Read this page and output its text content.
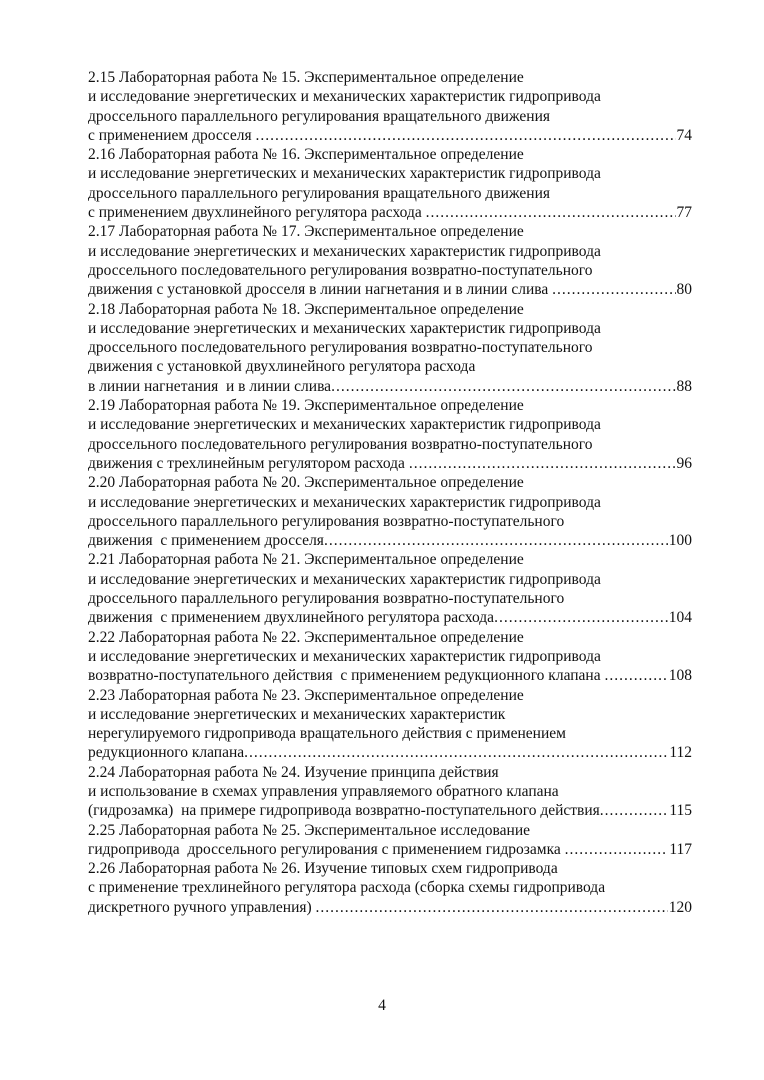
2.15 Лабораторная работа № 15. Экспериментальное определение
и исследование энергетических и механических характеристик гидропривода
дроссельного параллельного регулирования вращательного движения
с применением дросселя .....	74
2.16 Лабораторная работа № 16. Экспериментальное определение
и исследование энергетических и механических характеристик гидропривода
дроссельного параллельного регулирования вращательного движения
с применением двухлинейного регулятора расхода .....	77
2.17 Лабораторная работа № 17. Экспериментальное определение
и исследование энергетических и механических характеристик гидропривода
дроссельного последовательного регулирования возвратно-поступательного
движения с установкой дросселя в линии нагнетания и в линии слива .....	80
2.18 Лабораторная работа № 18. Экспериментальное определение
и исследование энергетических и механических характеристик гидропривода
дроссельного последовательного регулирования возвратно-поступательного
движения с установкой двухлинейного регулятора расхода
в линии нагнетания  и в линии слива .....	88
2.19 Лабораторная работа № 19. Экспериментальное определение
и исследование энергетических и механических характеристик гидропривода
дроссельного последовательного регулирования возвратно-поступательного
движения с трехлинейным регулятором расхода .....	96
2.20 Лабораторная работа № 20. Экспериментальное определение
и исследование энергетических и механических характеристик гидропривода
дроссельного параллельного регулирования возвратно-поступательного
движения  с применением дросселя .....	100
2.21 Лабораторная работа № 21. Экспериментальное определение
и исследование энергетических и механических характеристик гидропривода
дроссельного параллельного регулирования возвратно-поступательного
движения  с применением двухлинейного регулятора расхода .....	104
2.22 Лабораторная работа № 22. Экспериментальное определение
и исследование энергетических и механических характеристик гидропривода
возвратно-поступательного действия  с применением редукционного клапана .....	108
2.23 Лабораторная работа № 23. Экспериментальное определение
и исследование энергетических и механических характеристик
нерегулируемого гидропривода вращательного действия с применением
редукционного клапана .....	112
2.24 Лабораторная работа № 24. Изучение принципа действия
и использование в схемах управления управляемого обратного клапана
(гидрозамка)  на примере гидропривода возвратно-поступательного действия .....	115
2.25 Лабораторная работа № 25. Экспериментальное исследование
гидропривода  дроссельного регулирования с применением гидрозамка .....	117
2.26 Лабораторная работа № 26. Изучение типовых схем гидропривода
с применение трехлинейного регулятора расхода (сборка схемы гидропривода
дискретного ручного управления) .....	120
4
